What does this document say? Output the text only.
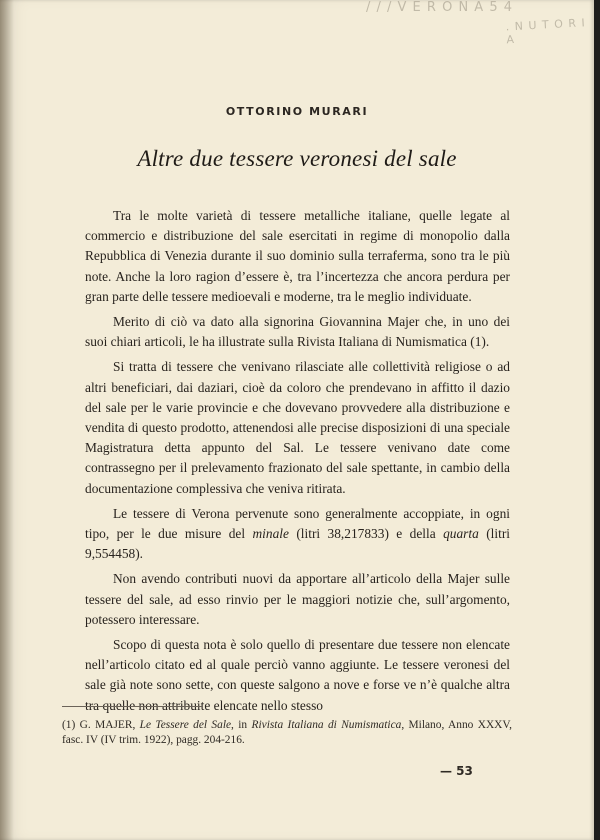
/ / / V E R O N A 5 4
. N U T O R I A
OTTORINO MURARI
Altre due tessere veronesi del sale

Tra le molte varietà di tessere metalliche italiane, quelle legate al commercio e distribuzione del sale esercitati in regime di monopolio dalla Repubblica di Venezia durante il suo dominio sulla terraferma, sono tra le più note. Anche la loro ragion d’essere è, tra l’incertezza che ancora perdura per gran parte delle tessere medioevali e moderne, tra le meglio individuate.

Merito di ciò va dato alla signorina Giovannina Majer che, in uno dei suoi chiari articoli, le ha illustrate sulla Rivista Italiana di Numismatica (1).

Si tratta di tessere che venivano rilasciate alle collettività religiose o ad altri beneficiari, dai daziari, cioè da coloro che prendevano in affitto il dazio del sale per le varie provincie e che dovevano provvedere alla distribuzione e vendita di questo prodotto, attenendosi alle precise disposizioni di una speciale Magistratura detta appunto del Sal. Le tessere venivano date come contrassegno per il prelevamento frazionato del sale spettante, in cambio della documentazione complessiva che veniva ritirata.

Le tessere di Verona pervenute sono generalmente accoppiate, in ogni tipo, per le due misure del minale (litri 38,217833) e della quarta (litri 9,554458).

Non avendo contributi nuovi da apportare all’articolo della Majer sulle tessere del sale, ad esso rinvio per le maggiori notizie che, sull’argomento, potessero interessare.

Scopo di questa nota è solo quello di presentare due tessere non elencate nell’articolo citato ed al quale perciò vanno aggiunte. Le tessere veronesi del sale già note sono sette, con queste salgono a nove e forse ve n’è qualche altra tra quelle non attribuite elencate nello stesso

(1) G. MAJER, Le Tessere del Sale, in Rivista Italiana di Numismatica, Milano, Anno XXXV, fasc. IV (IV trim. 1922), pagg. 204-216.
— 53
